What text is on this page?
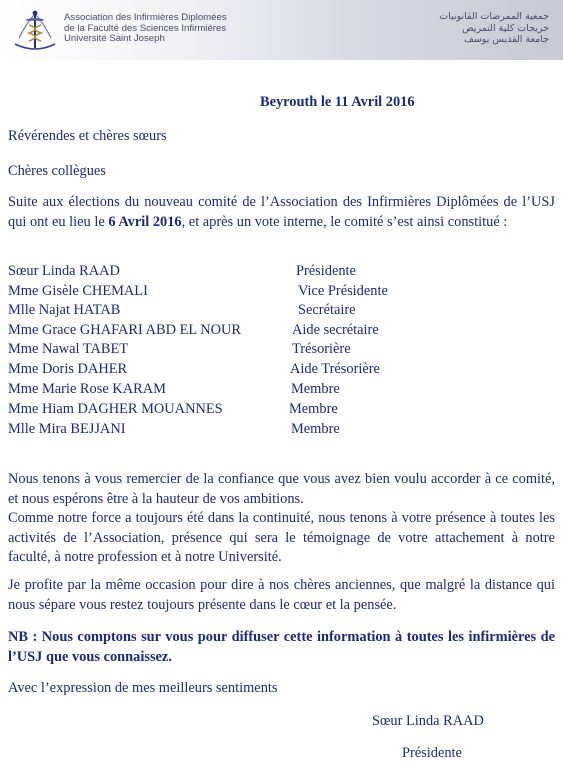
Association des Infirmières Diplomées
de la Faculté des Sciences Infirmières
Université Saint Joseph
جمعية الممرضات القانونيات
خريجات كلية التمريض
جامعة القديس يوسف
Beyrouth le 11 Avril 2016
Révérendes et chères sœurs
Chères collègues
Suite aux élections du nouveau comité de l’Association des Infirmières Diplômées de l’USJ qui ont eu lieu le 6 Avril 2016, et après un vote interne, le comité s’est ainsi constitué :
Sœur Linda RAAD	Présidente
Mme Gisèle CHEMALI	Vice Présidente
Mlle Najat HATAB	Secrétaire
Mme Grace GHAFARI ABD EL NOUR	Aide secrétaire
Mme Nawal TABET	Trésorière
Mme Doris DAHER	Aide Trésorière
Mme Marie Rose KARAM	Membre
Mme Hiam DAGHER MOUANNES	Membre
Mlle Mira BEJJANI	Membre
Nous tenons à vous remercier de la confiance que vous avez bien voulu accorder à ce comité, et nous espérons être à la hauteur de vos ambitions.
Comme notre force a toujours été dans la continuité, nous tenons à votre présence à toutes les activités de l’Association, présence qui sera le témoignage de votre attachement à notre faculté, à notre profession et à notre Université.
Je profite par la même occasion pour dire à nos chères anciennes, que malgré la distance qui nous sépare vous restez toujours présente dans le cœur et la pensée.
NB : Nous comptons sur vous pour diffuser cette information à toutes les infirmières de l’USJ que vous connaissez.
Avec l’expression de mes meilleurs sentiments
Sœur Linda RAAD
Présidente
